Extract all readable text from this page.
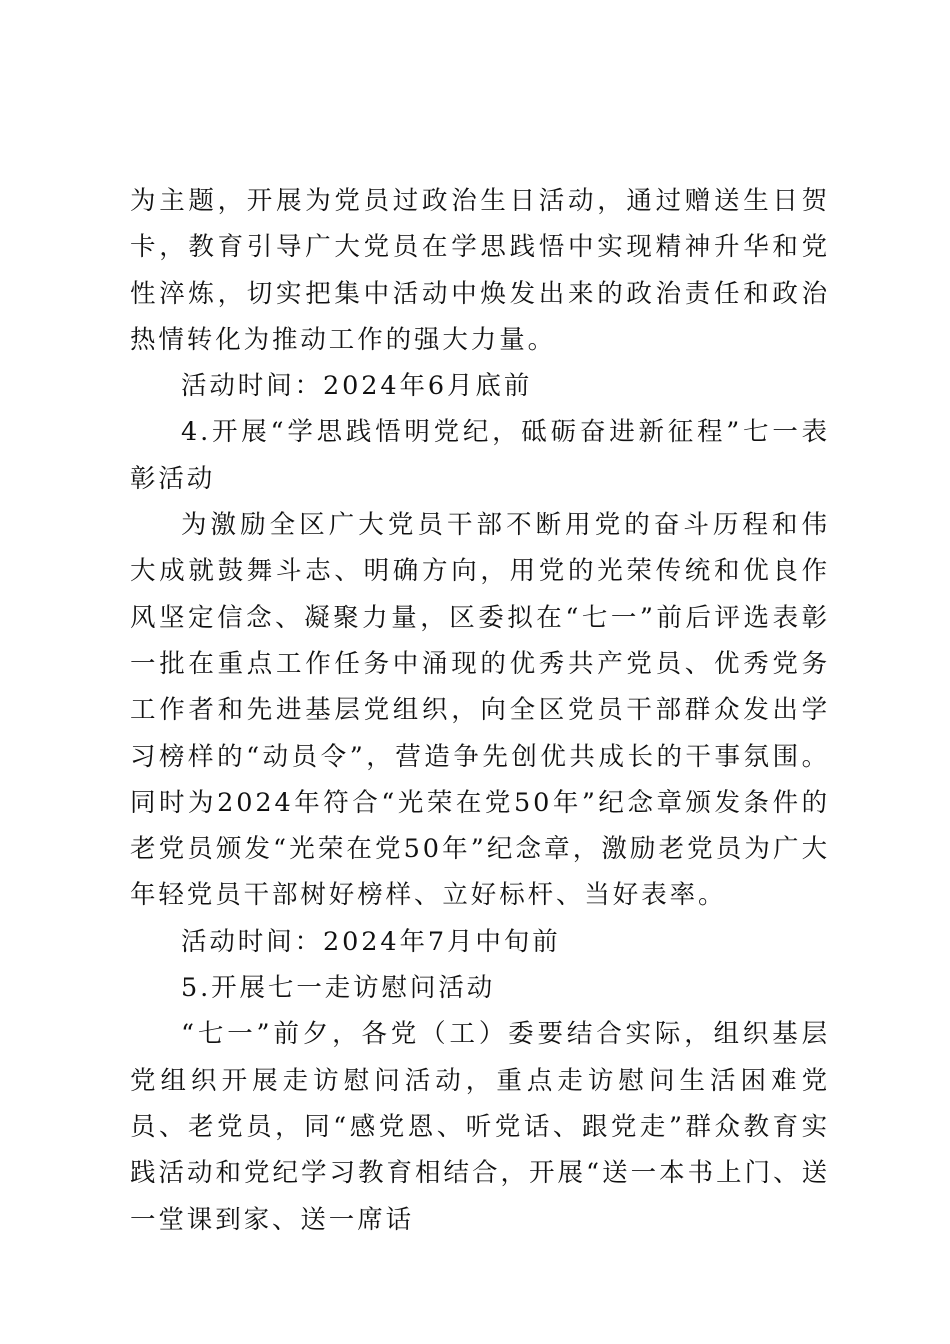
为主题，开展为党员过政治生日活动，通过赠送生日贺卡，教育引导广大党员在学思践悟中实现精神升华和党性淬炼，切实把集中活动中焕发出来的政治责任和政治热情转化为推动工作的强大力量。

活动时间：2024年6月底前

4.开展“学思践悟明党纪，砥砺奋进新征程”七一表彰活动

为激励全区广大党员干部不断用党的奋斗历程和伟大成就鼓舞斗志、明确方向，用党的光荣传统和优良作风坚定信念、凝聚力量，区委拟在“七一”前后评选表彰一批在重点工作任务中涌现的优秀共产党员、优秀党务工作者和先进基层党组织，向全区党员干部群众发出学习榜样的“动员令”，营造争先创优共成长的干事氛围。同时为2024年符合“光荣在党50年”纪念章颁发条件的老党员颁发“光荣在党50年”纪念章，激励老党员为广大年轻党员干部树好榜样、立好标杆、当好表率。

活动时间：2024年7月中旬前

5.开展七一走访慰问活动

“七一”前夕，各党（工）委要结合实际，组织基层党组织开展走访慰问活动，重点走访慰问生活困难党员、老党员，同“感党恩、听党话、跟党走”群众教育实践活动和党纪学习教育相结合，开展“送一本书上门、送一堂课到家、送一席话
